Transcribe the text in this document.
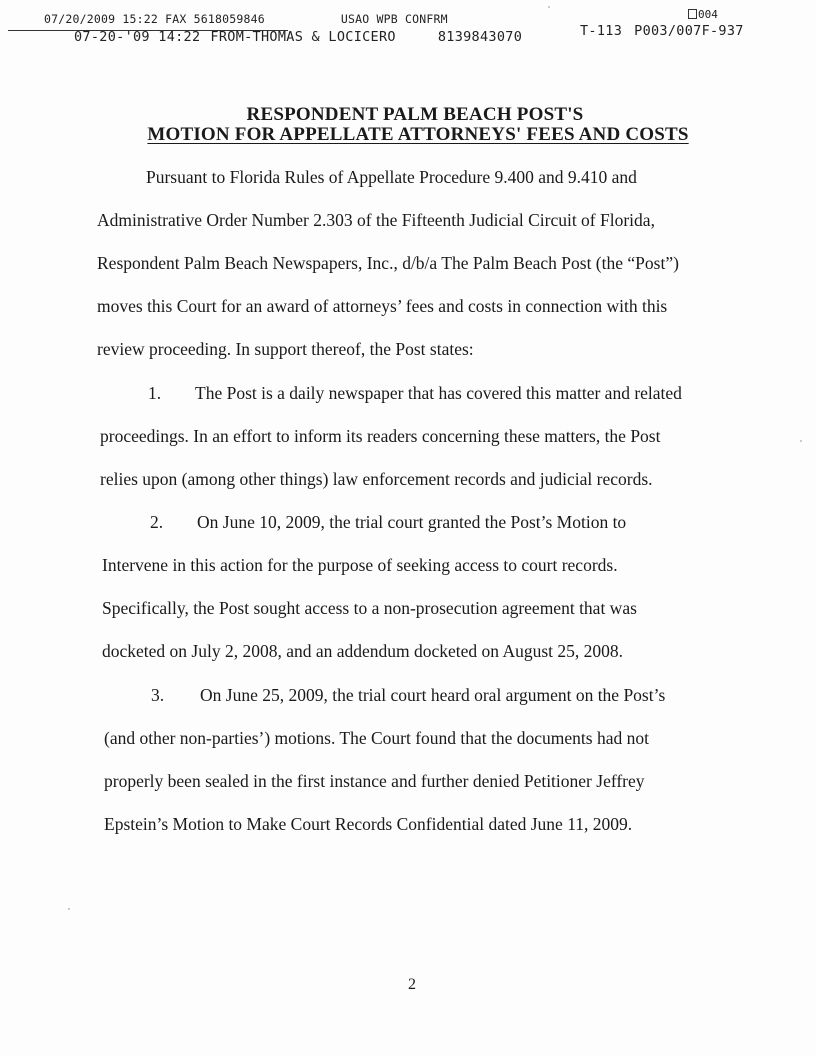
07/20/2009 15:22 FAX 5618059846	USAO WPB CONFRM	004
07-20-'09 14:22 FROM-THOMAS & LOCICERO	8139843070	T-113 P003/007F-937
RESPONDENT PALM BEACH POST'S
MOTION FOR APPELLATE ATTORNEYS' FEES AND COSTS
Pursuant to Florida Rules of Appellate Procedure 9.400 and 9.410 and
Administrative Order Number 2.303 of the Fifteenth Judicial Circuit of Florida,
Respondent Palm Beach Newspapers, Inc., d/b/a The Palm Beach Post (the “Post”)
moves this Court for an award of attorneys’ fees and costs in connection with this
review proceeding. In support thereof, the Post states:
1. The Post is a daily newspaper that has covered this matter and related
proceedings. In an effort to inform its readers concerning these matters, the Post
relies upon (among other things) law enforcement records and judicial records.
2. On June 10, 2009, the trial court granted the Post’s Motion to
Intervene in this action for the purpose of seeking access to court records.
Specifically, the Post sought access to a non-prosecution agreement that was
docketed on July 2, 2008, and an addendum docketed on August 25, 2008.
3. On June 25, 2009, the trial court heard oral argument on the Post’s
(and other non-parties’) motions. The Court found that the documents had not
properly been sealed in the first instance and further denied Petitioner Jeffrey
Epstein’s Motion to Make Court Records Confidential dated June 11, 2009.
2
